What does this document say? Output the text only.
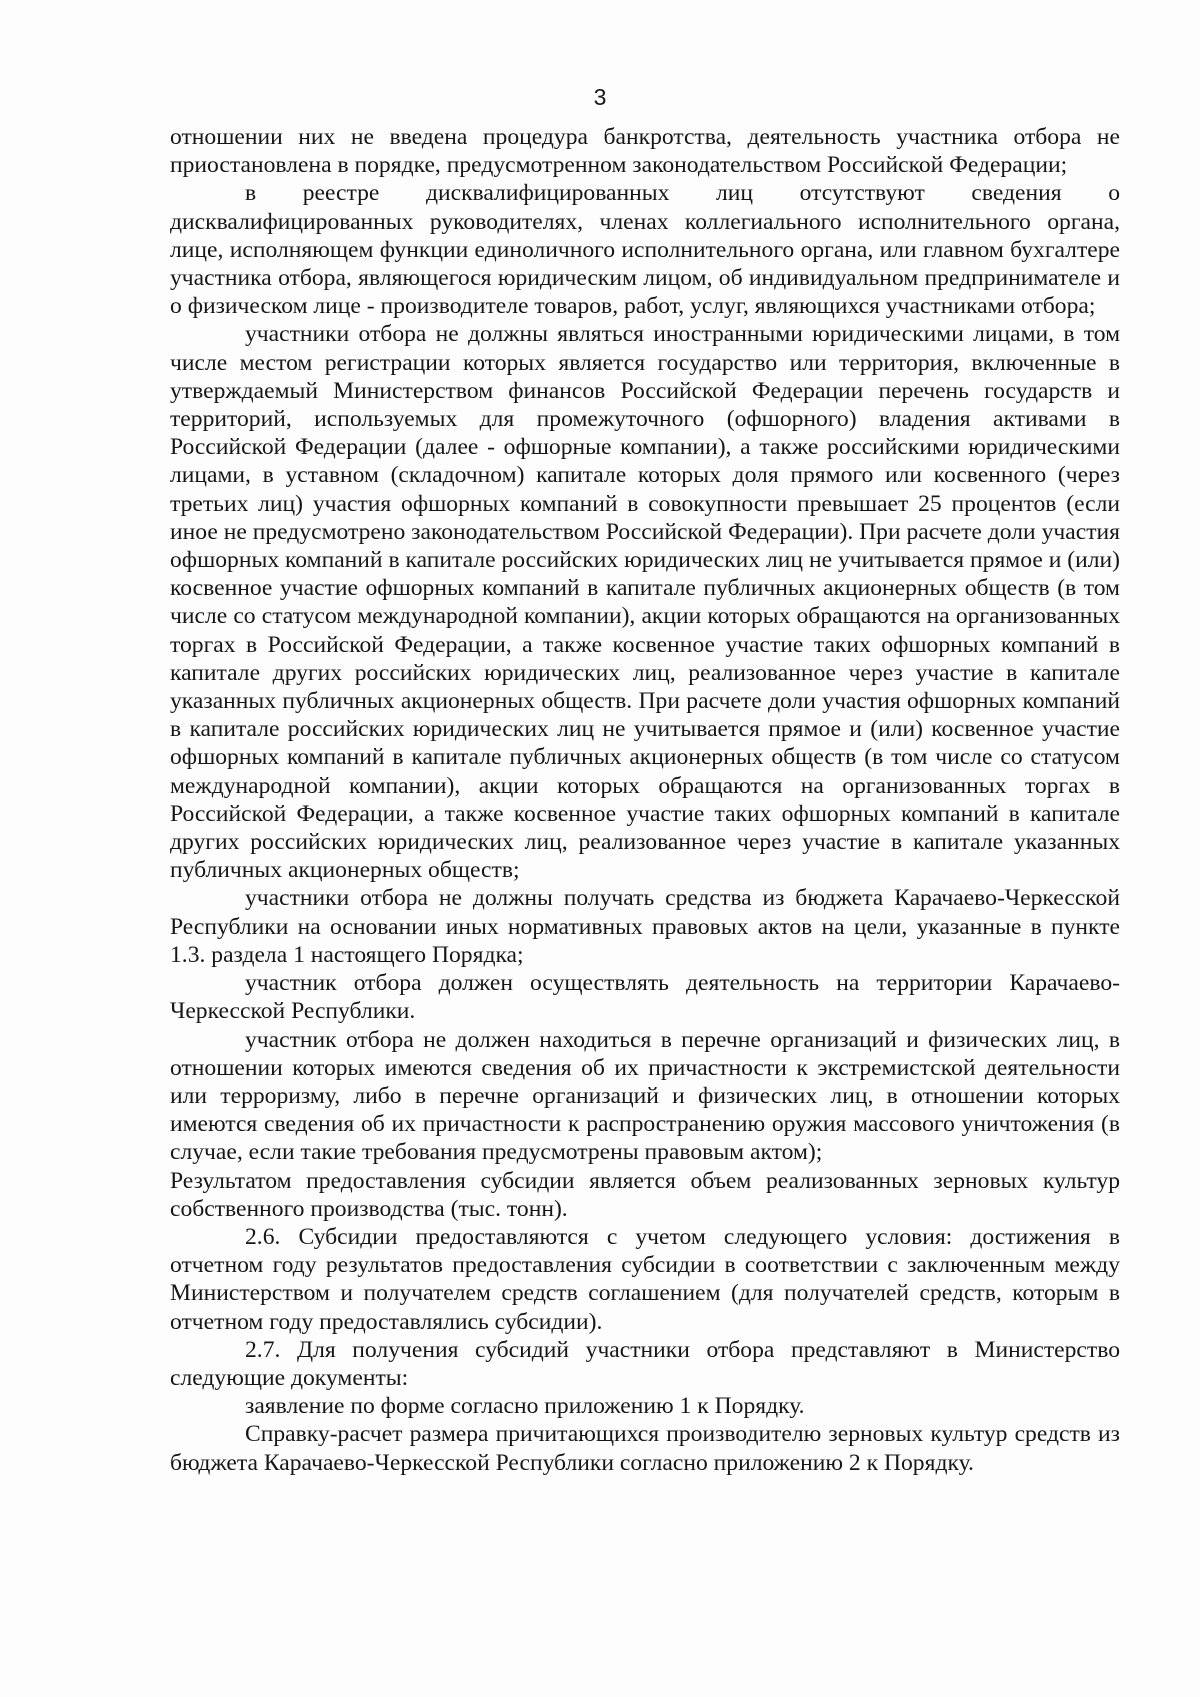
3

отношении них не введена процедура банкротства, деятельность участника отбора не приостановлена в порядке, предусмотренном законодательством Российской Федерации;

в реестре дисквалифицированных лиц отсутствуют сведения о дисквалифицированных руководителях, членах коллегиального исполнительного органа, лице, исполняющем функции единоличного исполнительного органа, или главном бухгалтере участника отбора, являющегося юридическим лицом, об индивидуальном предпринимателе и о физическом лице - производителе товаров, работ, услуг, являющихся участниками отбора;

участники отбора не должны являться иностранными юридическими лицами, в том числе местом регистрации которых является государство или территория, включенные в утверждаемый Министерством финансов Российской Федерации перечень государств и территорий, используемых для промежуточного (офшорного) владения активами в Российской Федерации (далее - офшорные компании), а также российскими юридическими лицами, в уставном (складочном) капитале которых доля прямого или косвенного (через третьих лиц) участия офшорных компаний в совокупности превышает 25 процентов (если иное не предусмотрено законодательством Российской Федерации). При расчете доли участия офшорных компаний в капитале российских юридических лиц не учитывается прямое и (или) косвенное участие офшорных компаний в капитале публичных акционерных обществ (в том числе со статусом международной компании), акции которых обращаются на организованных торгах в Российской Федерации, а также косвенное участие таких офшорных компаний в капитале других российских юридических лиц, реализованное через участие в капитале указанных публичных акционерных обществ. При расчете доли участия офшорных компаний в капитале российских юридических лиц не учитывается прямое и (или) косвенное участие офшорных компаний в капитале публичных акционерных обществ (в том числе со статусом международной компании), акции которых обращаются на организованных торгах в Российской Федерации, а также косвенное участие таких офшорных компаний в капитале других российских юридических лиц, реализованное через участие в капитале указанных публичных акционерных обществ;

участники отбора не должны получать средства из бюджета Карачаево-Черкесской Республики на основании иных нормативных правовых актов на цели, указанные в пункте 1.3. раздела 1 настоящего Порядка;

участник отбора должен осуществлять деятельность на территории Карачаево-Черкесской Республики.

участник отбора не должен находиться в перечне организаций и физических лиц, в отношении которых имеются сведения об их причастности к экстремистской деятельности или терроризму, либо в перечне организаций и физических лиц, в отношении которых имеются сведения об их причастности к распространению оружия массового уничтожения (в случае, если такие требования предусмотрены правовым актом);

Результатом предоставления субсидии является объем реализованных зерновых культур собственного производства (тыс. тонн).

2.6. Субсидии предоставляются с учетом следующего условия: достижения в отчетном году результатов предоставления субсидии в соответствии с заключенным между Министерством и получателем средств соглашением (для получателей средств, которым в отчетном году предоставлялись субсидии).

2.7. Для получения субсидий участники отбора представляют в Министерство следующие документы:

заявление по форме согласно приложению 1 к Порядку.

Справку-расчет размера причитающихся производителю зерновых культур средств из бюджета Карачаево-Черкесской Республики согласно приложению 2 к Порядку.
